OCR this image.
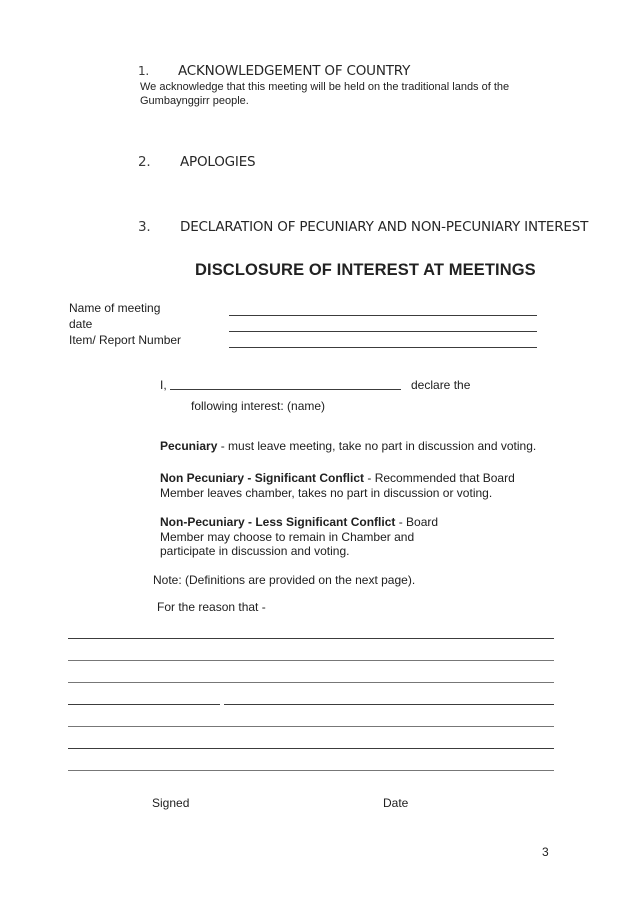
1. ACKNOWLEDGEMENT OF COUNTRY
We acknowledge that this meeting will be held on the traditional lands of the
Gumbaynggirr people.
2. APOLOGIES
3. DECLARATION OF PECUNIARY AND NON-PECUNIARY INTEREST
DISCLOSURE OF INTEREST AT MEETINGS
Name of meeting
date
Item/ Report Number
I,	declare the
following interest: (name)
Pecuniary - must leave meeting, take no part in discussion and voting.
Non Pecuniary - Significant Conflict - Recommended that Board
Member leaves chamber, takes no part in discussion or voting.
Non-Pecuniary - Less Significant Conflict - Board
Member may choose to remain in Chamber and
participate in discussion and voting.
Note: (Definitions are provided on the next page).
For the reason that -
Signed	Date
3
